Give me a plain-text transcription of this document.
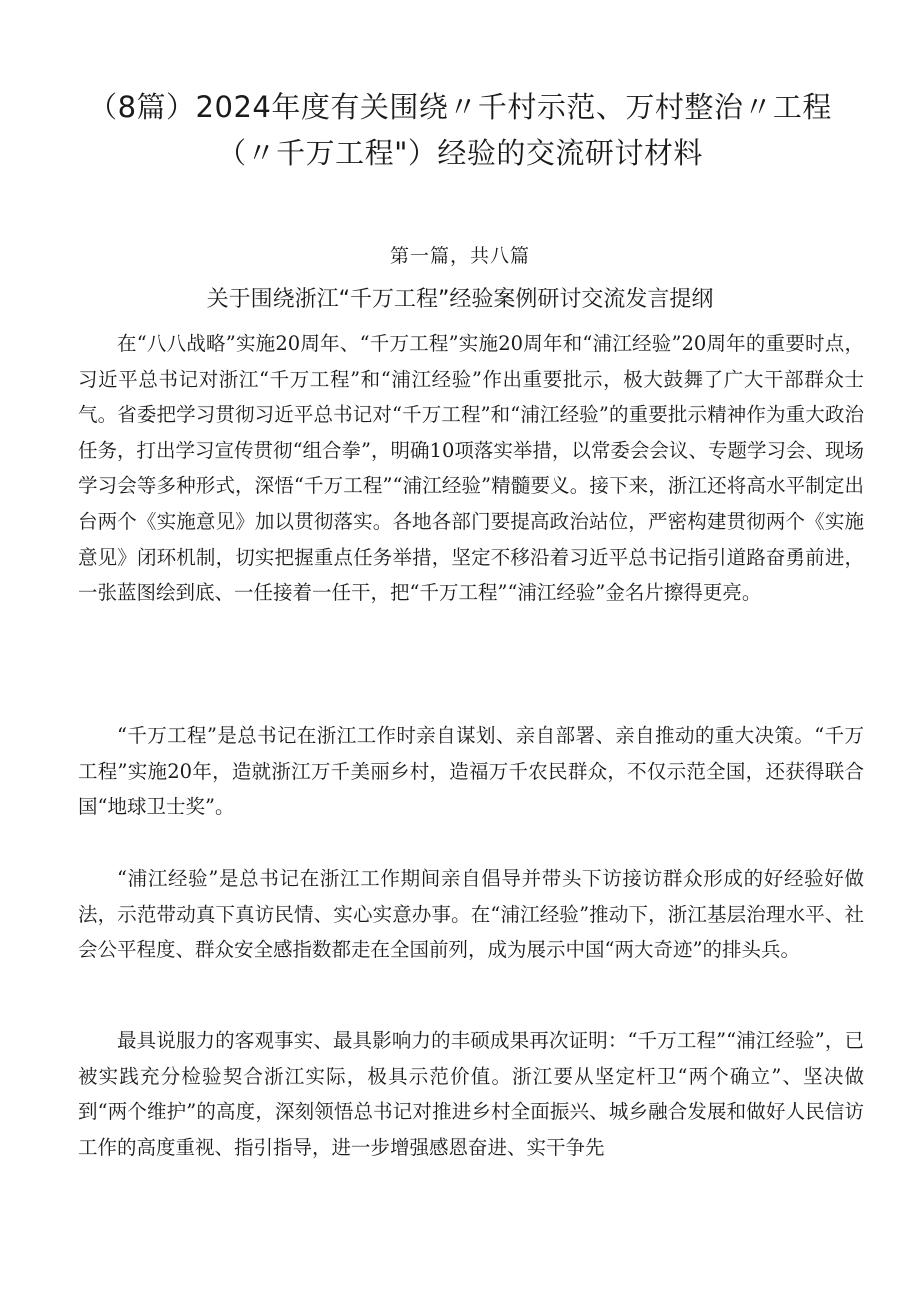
（8篇）2024年度有关围绕〃千村示范、万村整治〃工程
（〃千万工程"）经验的交流研讨材料
第一篇，共八篇
关于围绕浙江“千万工程”经验案例研讨交流发言提纲

在“八八战略”实施20周年、“千万工程”实施20周年和“浦江经验”20周年的重要时点，习近平总书记对浙江“千万工程”和“浦江经验”作出重要批示，极大鼓舞了广大干部群众士气。省委把学习贯彻习近平总书记对“千万工程”和“浦江经验”的重要批示精神作为重大政治任务，打出学习宣传贯彻“组合拳”，明确10项落实举措，以常委会会议、专题学习会、现场学习会等多种形式，深悟“千万工程”“浦江经验”精髓要义。接下来，浙江还将高水平制定出台两个《实施意见》加以贯彻落实。各地各部门要提高政治站位，严密构建贯彻两个《实施意见》闭环机制，切实把握重点任务举措，坚定不移沿着习近平总书记指引道路奋勇前进，一张蓝图绘到底、一任接着一任干，把“千万工程”“浦江经验”金名片擦得更亮。

“千万工程”是总书记在浙江工作时亲自谋划、亲自部署、亲自推动的重大决策。“千万工程”实施20年，造就浙江万千美丽乡村，造福万千农民群众，不仅示范全国，还获得联合国“地球卫士奖”。

“浦江经验”是总书记在浙江工作期间亲自倡导并带头下访接访群众形成的好经验好做法，示范带动真下真访民情、实心实意办事。在“浦江经验”推动下，浙江基层治理水平、社会公平程度、群众安全感指数都走在全国前列，成为展示中国“两大奇迹”的排头兵。

最具说服力的客观事实、最具影响力的丰硕成果再次证明：“千万工程”“浦江经验”，已被实践充分检验契合浙江实际，极具示范价值。浙江要从坚定杆卫“两个确立”、坚决做到“两个维护”的高度，深刻领悟总书记对推进乡村全面振兴、城乡融合发展和做好人民信访工作的高度重视、指引指导，进一步增强感恩奋进、实干争先
